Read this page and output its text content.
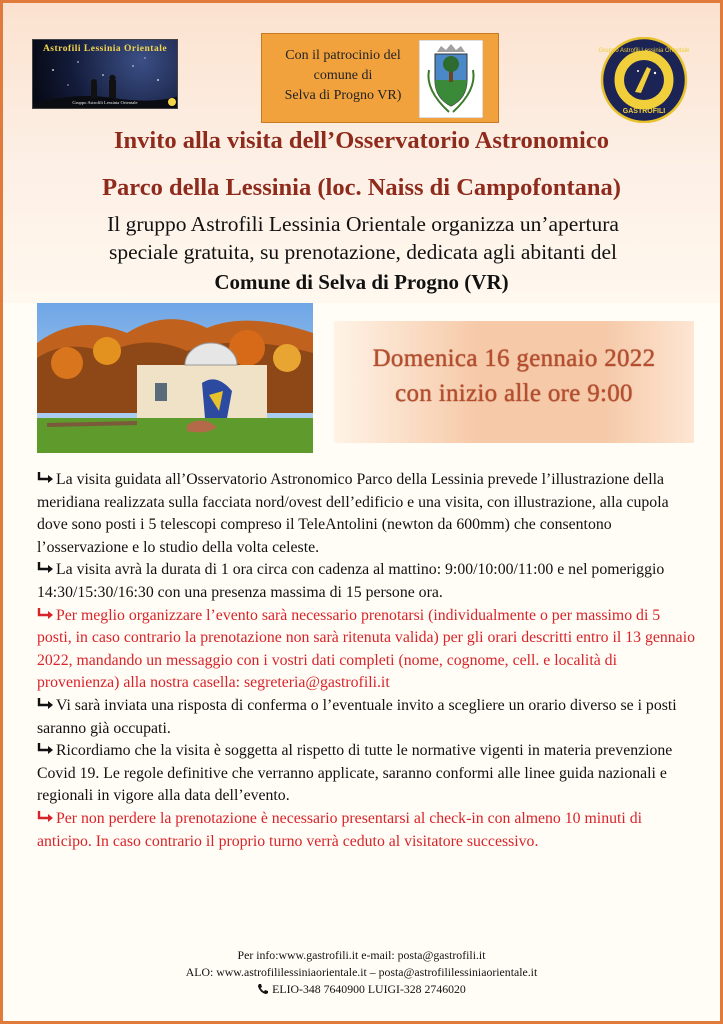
Astrofili Lessinia Orientale
Gruppo Astrofili Lessinia Orientale
Con il patrocinio del
comune di
Selva di Progno VR)
Gruppo Astrofili Lessinia Orientale
GASTROFILI
Invito alla visita dell’Osservatorio Astronomico
Parco della Lessinia (loc. Naiss di Campofontana)
Il gruppo Astrofili Lessinia Orientale organizza un’apertura
speciale gratuita, su prenotazione, dedicata agli abitanti del
Comune di Selva di Progno (VR)
Domenica 16 gennaio 2022
con inizio alle ore 9:00

La visita guidata all’Osservatorio Astronomico Parco della Lessinia prevede l’illustrazione della meridiana realizzata sulla facciata nord/ovest dell’edificio e una visita, con illustrazione, alla cupola dove sono posti i 5 telescopi compreso il TeleAntolini (newton da 600mm) che consentono l’osservazione e lo studio della volta celeste.

La visita avrà la durata di 1 ora circa con cadenza al mattino: 9:00/10:00/11:00 e nel pomeriggio 14:30/15:30/16:30 con una presenza massima di 15 persone ora.

Per meglio organizzare l’evento sarà necessario prenotarsi (individualmente o per massimo di 5 posti, in caso contrario la prenotazione non sarà ritenuta valida) per gli orari descritti entro il 13 gennaio 2022, mandando un messaggio con i vostri dati completi (nome, cognome, cell. e località di provenienza) alla nostra casella: segreteria@gastrofili.it

Vi sarà inviata una risposta di conferma o l’eventuale invito a scegliere un orario diverso se i posti saranno già occupati.

Ricordiamo che la visita è soggetta al rispetto di tutte le normative vigenti in materia prevenzione Covid 19. Le regole definitive che verranno applicate, saranno conformi alle linee guida nazionali e regionali in vigore alla data dell’evento.

Per non perdere la prenotazione è necessario presentarsi al check-in con almeno 10 minuti di anticipo. In caso contrario il proprio turno verrà ceduto al visitatore successivo.

Per info:www.gastrofili.it e-mail: posta@gastrofili.it
ALO: www.astrofililessiniaorientale.it – posta@astrofililessiniaorientale.it
ELIO-348 7640900 LUIGI-328 2746020
